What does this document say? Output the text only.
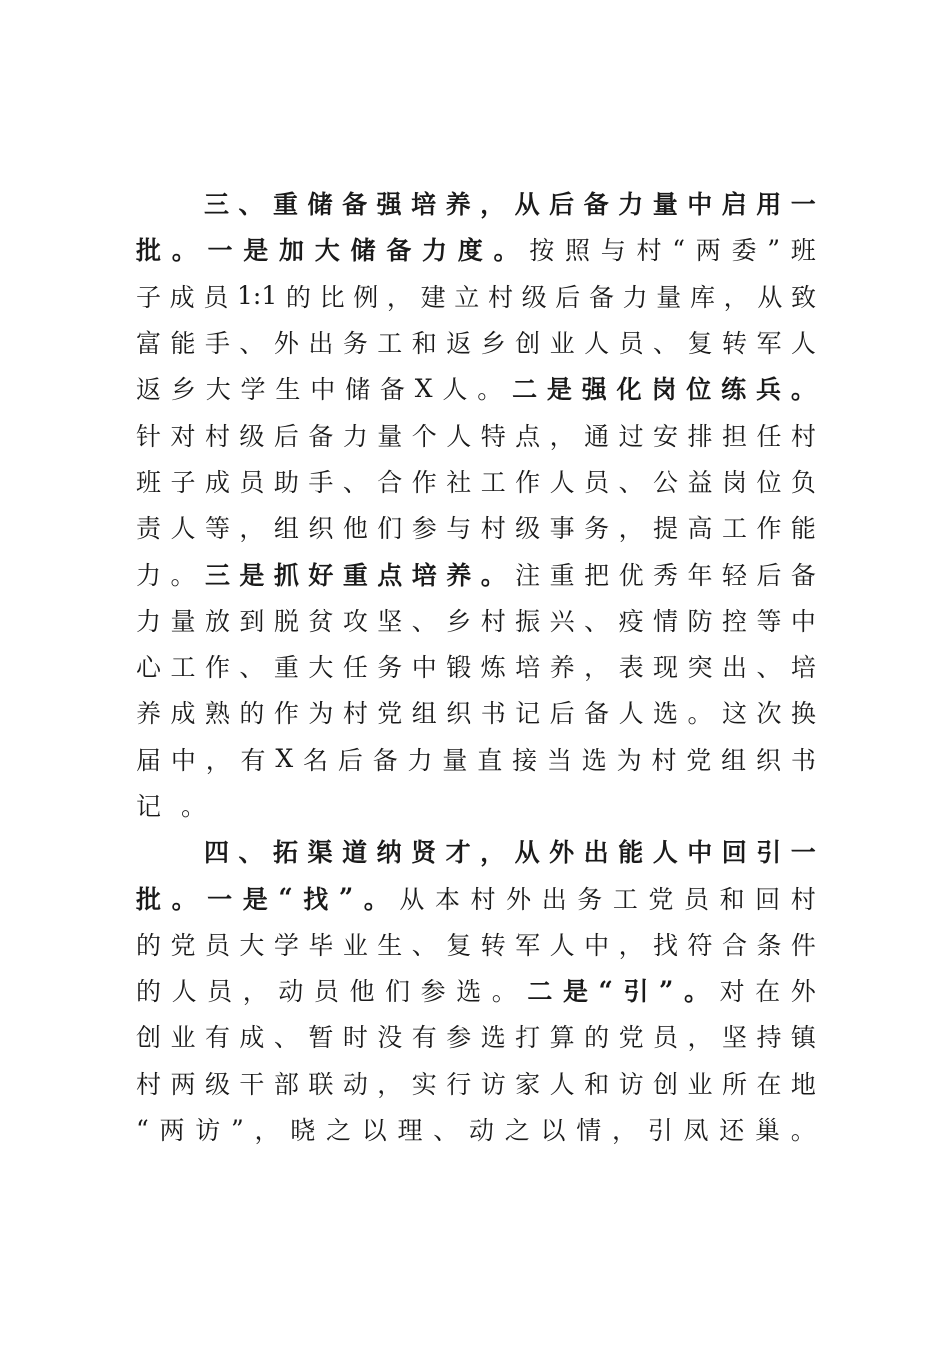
三 、 重 储 备 强 培 养 ， 从 后 备 力 量 中 启 用 一
批 。 一 是 加 大 储 备 力 度 。 按 照 与 村 “ 两 委 ” 班
子 成 员 1:1 的 比 例 ， 建 立 村 级 后 备 力 量 库 ， 从 致
富 能 手 、 外 出 务 工 和 返 乡 创 业 人 员 、 复 转 军 人
返 乡 大 学 生 中 储 备 X 人 。 二 是 强 化 岗 位 练 兵 。
针 对 村 级 后 备 力 量 个 人 特 点 ， 通 过 安 排 担 任 村
班 子 成 员 助 手 、 合 作 社 工 作 人 员 、 公 益 岗 位 负
责 人 等 ， 组 织 他 们 参 与 村 级 事 务 ， 提 高 工 作 能
力 。 三 是 抓 好 重 点 培 养 。 注 重 把 优 秀 年 轻 后 备
力 量 放 到 脱 贫 攻 坚 、 乡 村 振 兴 、 疫 情 防 控 等 中
心 工 作 、 重 大 任 务 中 锻 炼 培 养 ， 表 现 突 出 、 培
养 成 熟 的 作 为 村 党 组 织 书 记 后 备 人 选 。 这 次 换
届 中 ， 有 X 名 后 备 力 量 直 接 当 选 为 村 党 组 织 书
记 。
四 、 拓 渠 道 纳 贤 才 ， 从 外 出 能 人 中 回 引 一
批 。 一 是 “ 找 ” 。 从 本 村 外 出 务 工 党 员 和 回 村
的 党 员 大 学 毕 业 生 、 复 转 军 人 中 ， 找 符 合 条 件
的 人 员 ， 动 员 他 们 参 选 。 二 是 “ 引 ” 。 对 在 外
创 业 有 成 、 暂 时 没 有 参 选 打 算 的 党 员 ， 坚 持 镇
村 两 级 干 部 联 动 ， 实 行 访 家 人 和 访 创 业 所 在 地
“ 两 访 ” ， 晓 之 以 理 、 动 之 以 情 ， 引 凤 还 巢 。
